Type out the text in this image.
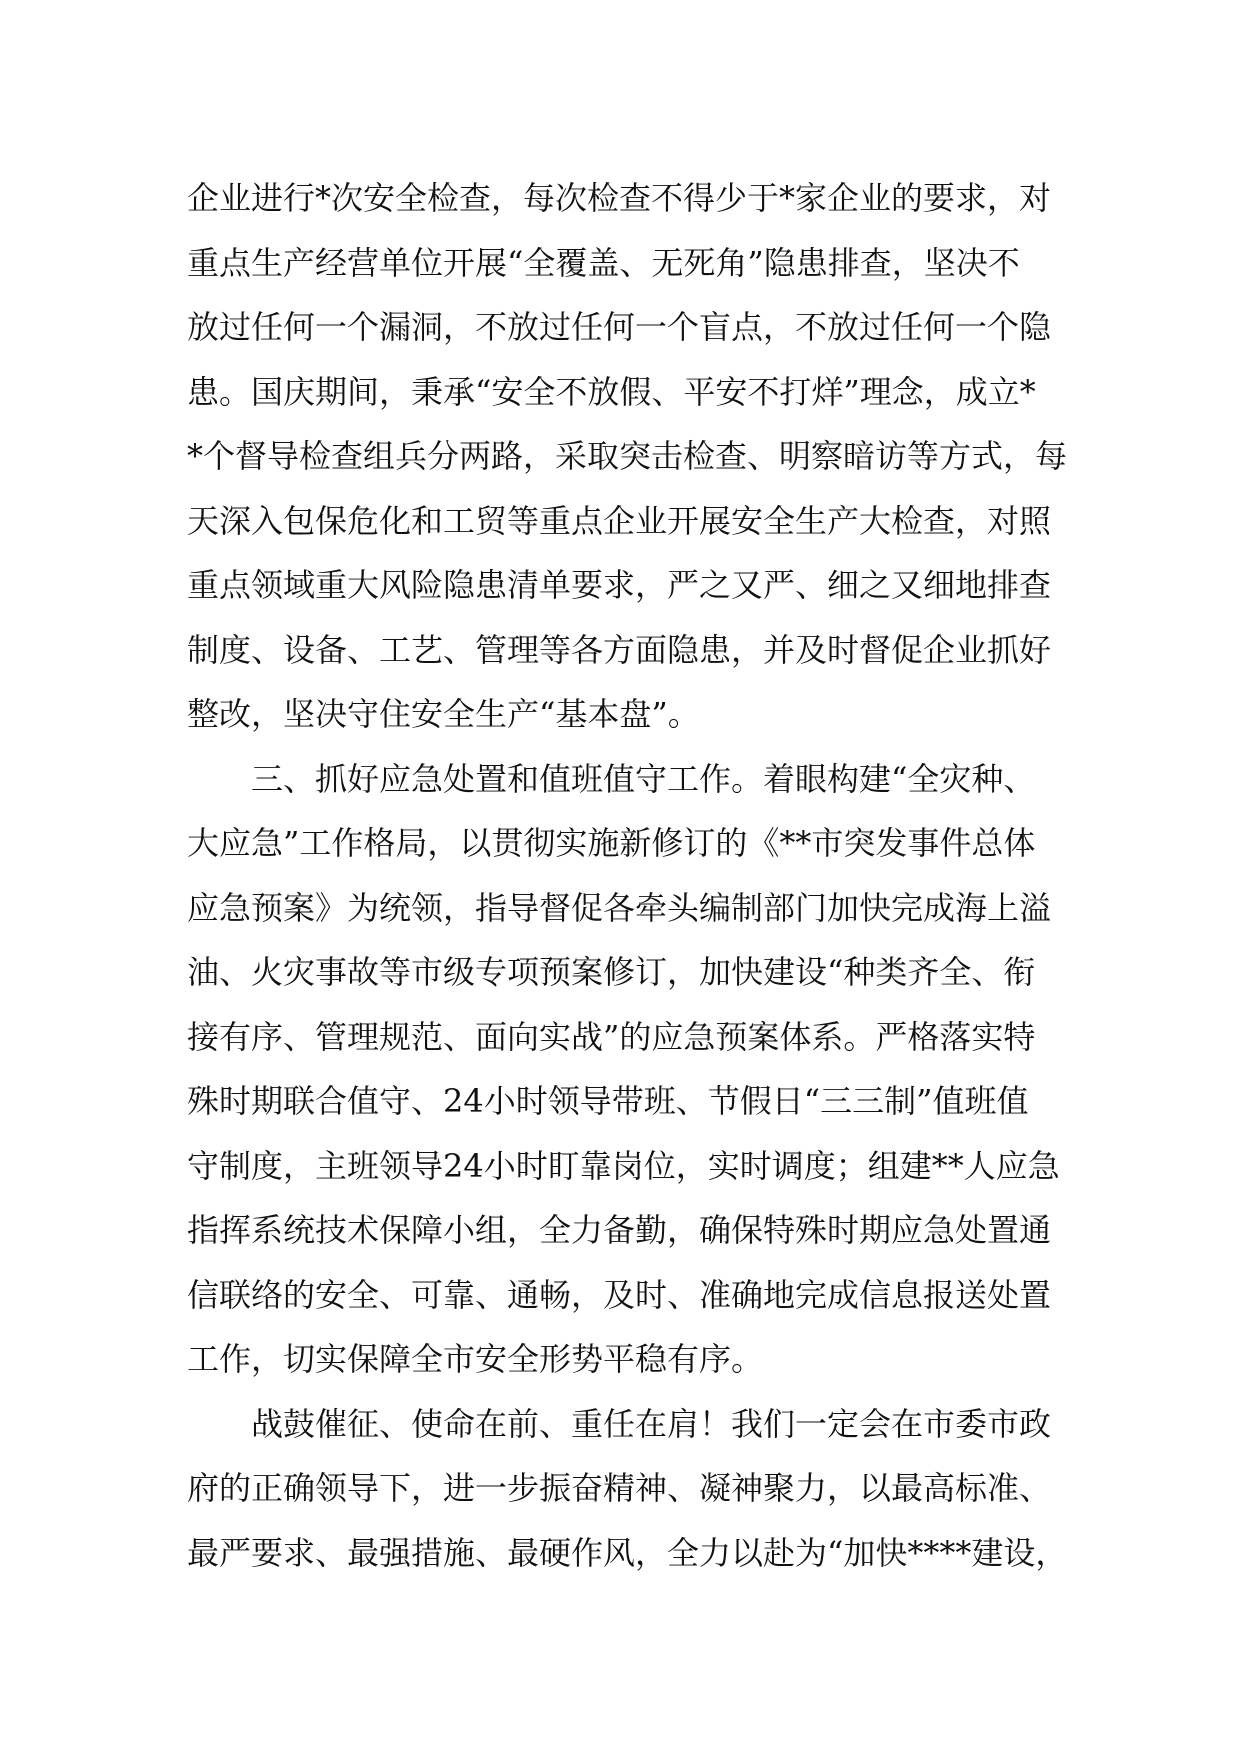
企业进行*次安全检查，每次检查不得少于*家企业的要求，对
重点生产经营单位开展“全覆盖、无死角”隐患排查，坚决不
放过任何一个漏洞，不放过任何一个盲点，不放过任何一个隐
患。国庆期间，秉承“安全不放假、平安不打烊”理念，成立*
*个督导检查组兵分两路，采取突击检查、明察暗访等方式，每
天深入包保危化和工贸等重点企业开展安全生产大检查，对照
重点领域重大风险隐患清单要求，严之又严、细之又细地排查
制度、设备、工艺、管理等各方面隐患，并及时督促企业抓好
整改，坚决守住安全生产“基本盘”。
三、抓好应急处置和值班值守工作。着眼构建“全灾种、
大应急”工作格局，以贯彻实施新修订的《**市突发事件总体
应急预案》为统领，指导督促各牵头编制部门加快完成海上溢
油、火灾事故等市级专项预案修订，加快建设“种类齐全、衔
接有序、管理规范、面向实战”的应急预案体系。严格落实特
殊时期联合值守、24小时领导带班、节假日“三三制”值班值
守制度，主班领导24小时盯靠岗位，实时调度；组建**人应急
指挥系统技术保障小组，全力备勤，确保特殊时期应急处置通
信联络的安全、可靠、通畅，及时、准确地完成信息报送处置
工作，切实保障全市安全形势平稳有序。
战鼓催征、使命在前、重任在肩！我们一定会在市委市政
府的正确领导下，进一步振奋精神、凝神聚力，以最高标准、
最严要求、最强措施、最硬作风，全力以赴为“加快****建设，
